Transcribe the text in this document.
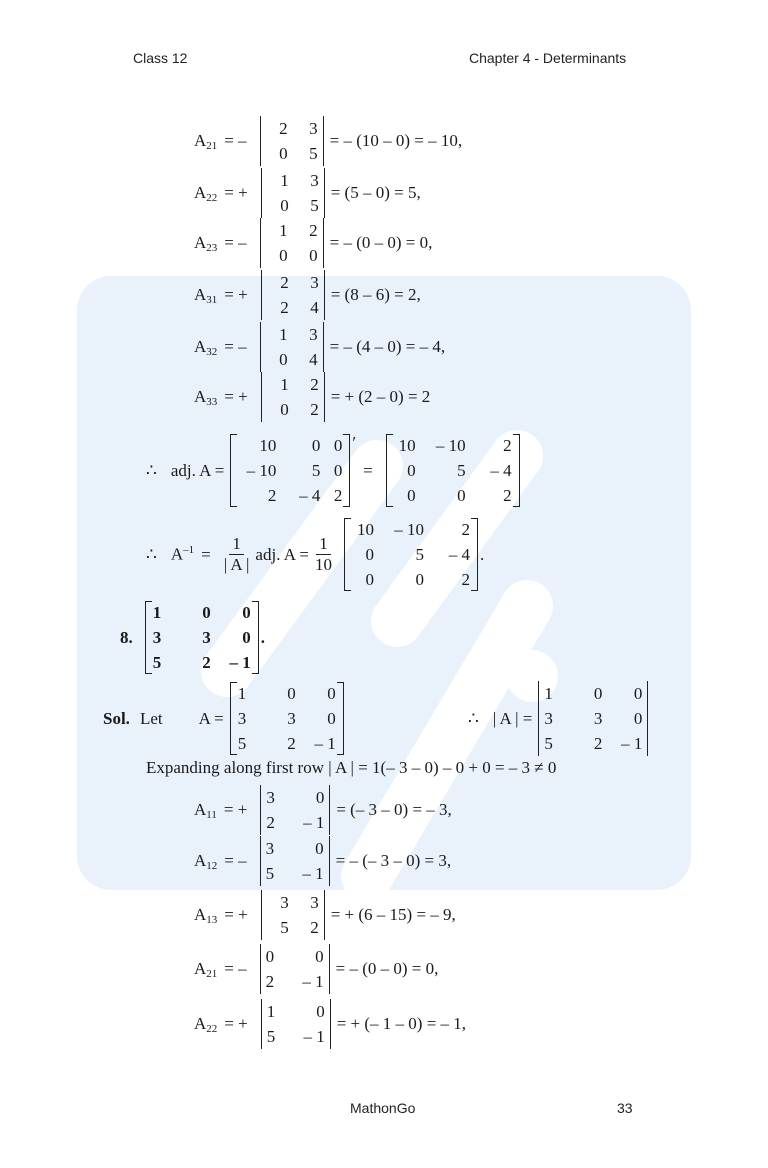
Class 12	Chapter 4 - Determinants
$A_{21}$ = –
2	3
0	5
= – (10 – 0) = – 10,
$A_{22}$ = +
1	3
0	5
= (5 – 0) = 5,
$A_{23}$ = –
1	2
0	0
= – (0 – 0) = 0,
$A_{31}$ = +
2	3
2	4
= (8 – 6) = 2,
$A_{32}$ = –
1	3
0	4
= – (4 – 0) = – 4,
$A_{33}$ = +
1	2
0	2
= + (2 – 0) = 2
∴ adj. A =
10	0 0
– 10	5 0
2	– 4 2
′
=
10	– 10	2
0	5	– 4
0	0	2
∴ $A^{-1} = \frac{1}{| A |}$ adj. $A = \frac{1}{10}$
10	– 10	2
0	5	– 4
0	0	2
.
8.
1	0	0
3	3	0
5	2	– 1
.
Sol. Let A =
1	0	0
3	3	0
5	2	– 1
∴ | A | =
1	0	0
3	3	0
5	2	– 1
Expanding along first row | A | = 1(– 3 – 0) – 0 + 0 = – 3 ≠ 0
$A_{11}$ = +
3	0
2	– 1
= (– 3 – 0) = – 3,
$A_{12}$ = –
3	0
5	– 1
= – (– 3 – 0) = 3,
$A_{13}$ = +
3	3
5	2
= + (6 – 15) = – 9,
$A_{21}$ = –
0	0
2	– 1
= – (0 – 0) = 0,
$A_{22}$ = +
1	0
5	– 1
= + (– 1 – 0) = – 1,
MathonGo	33
